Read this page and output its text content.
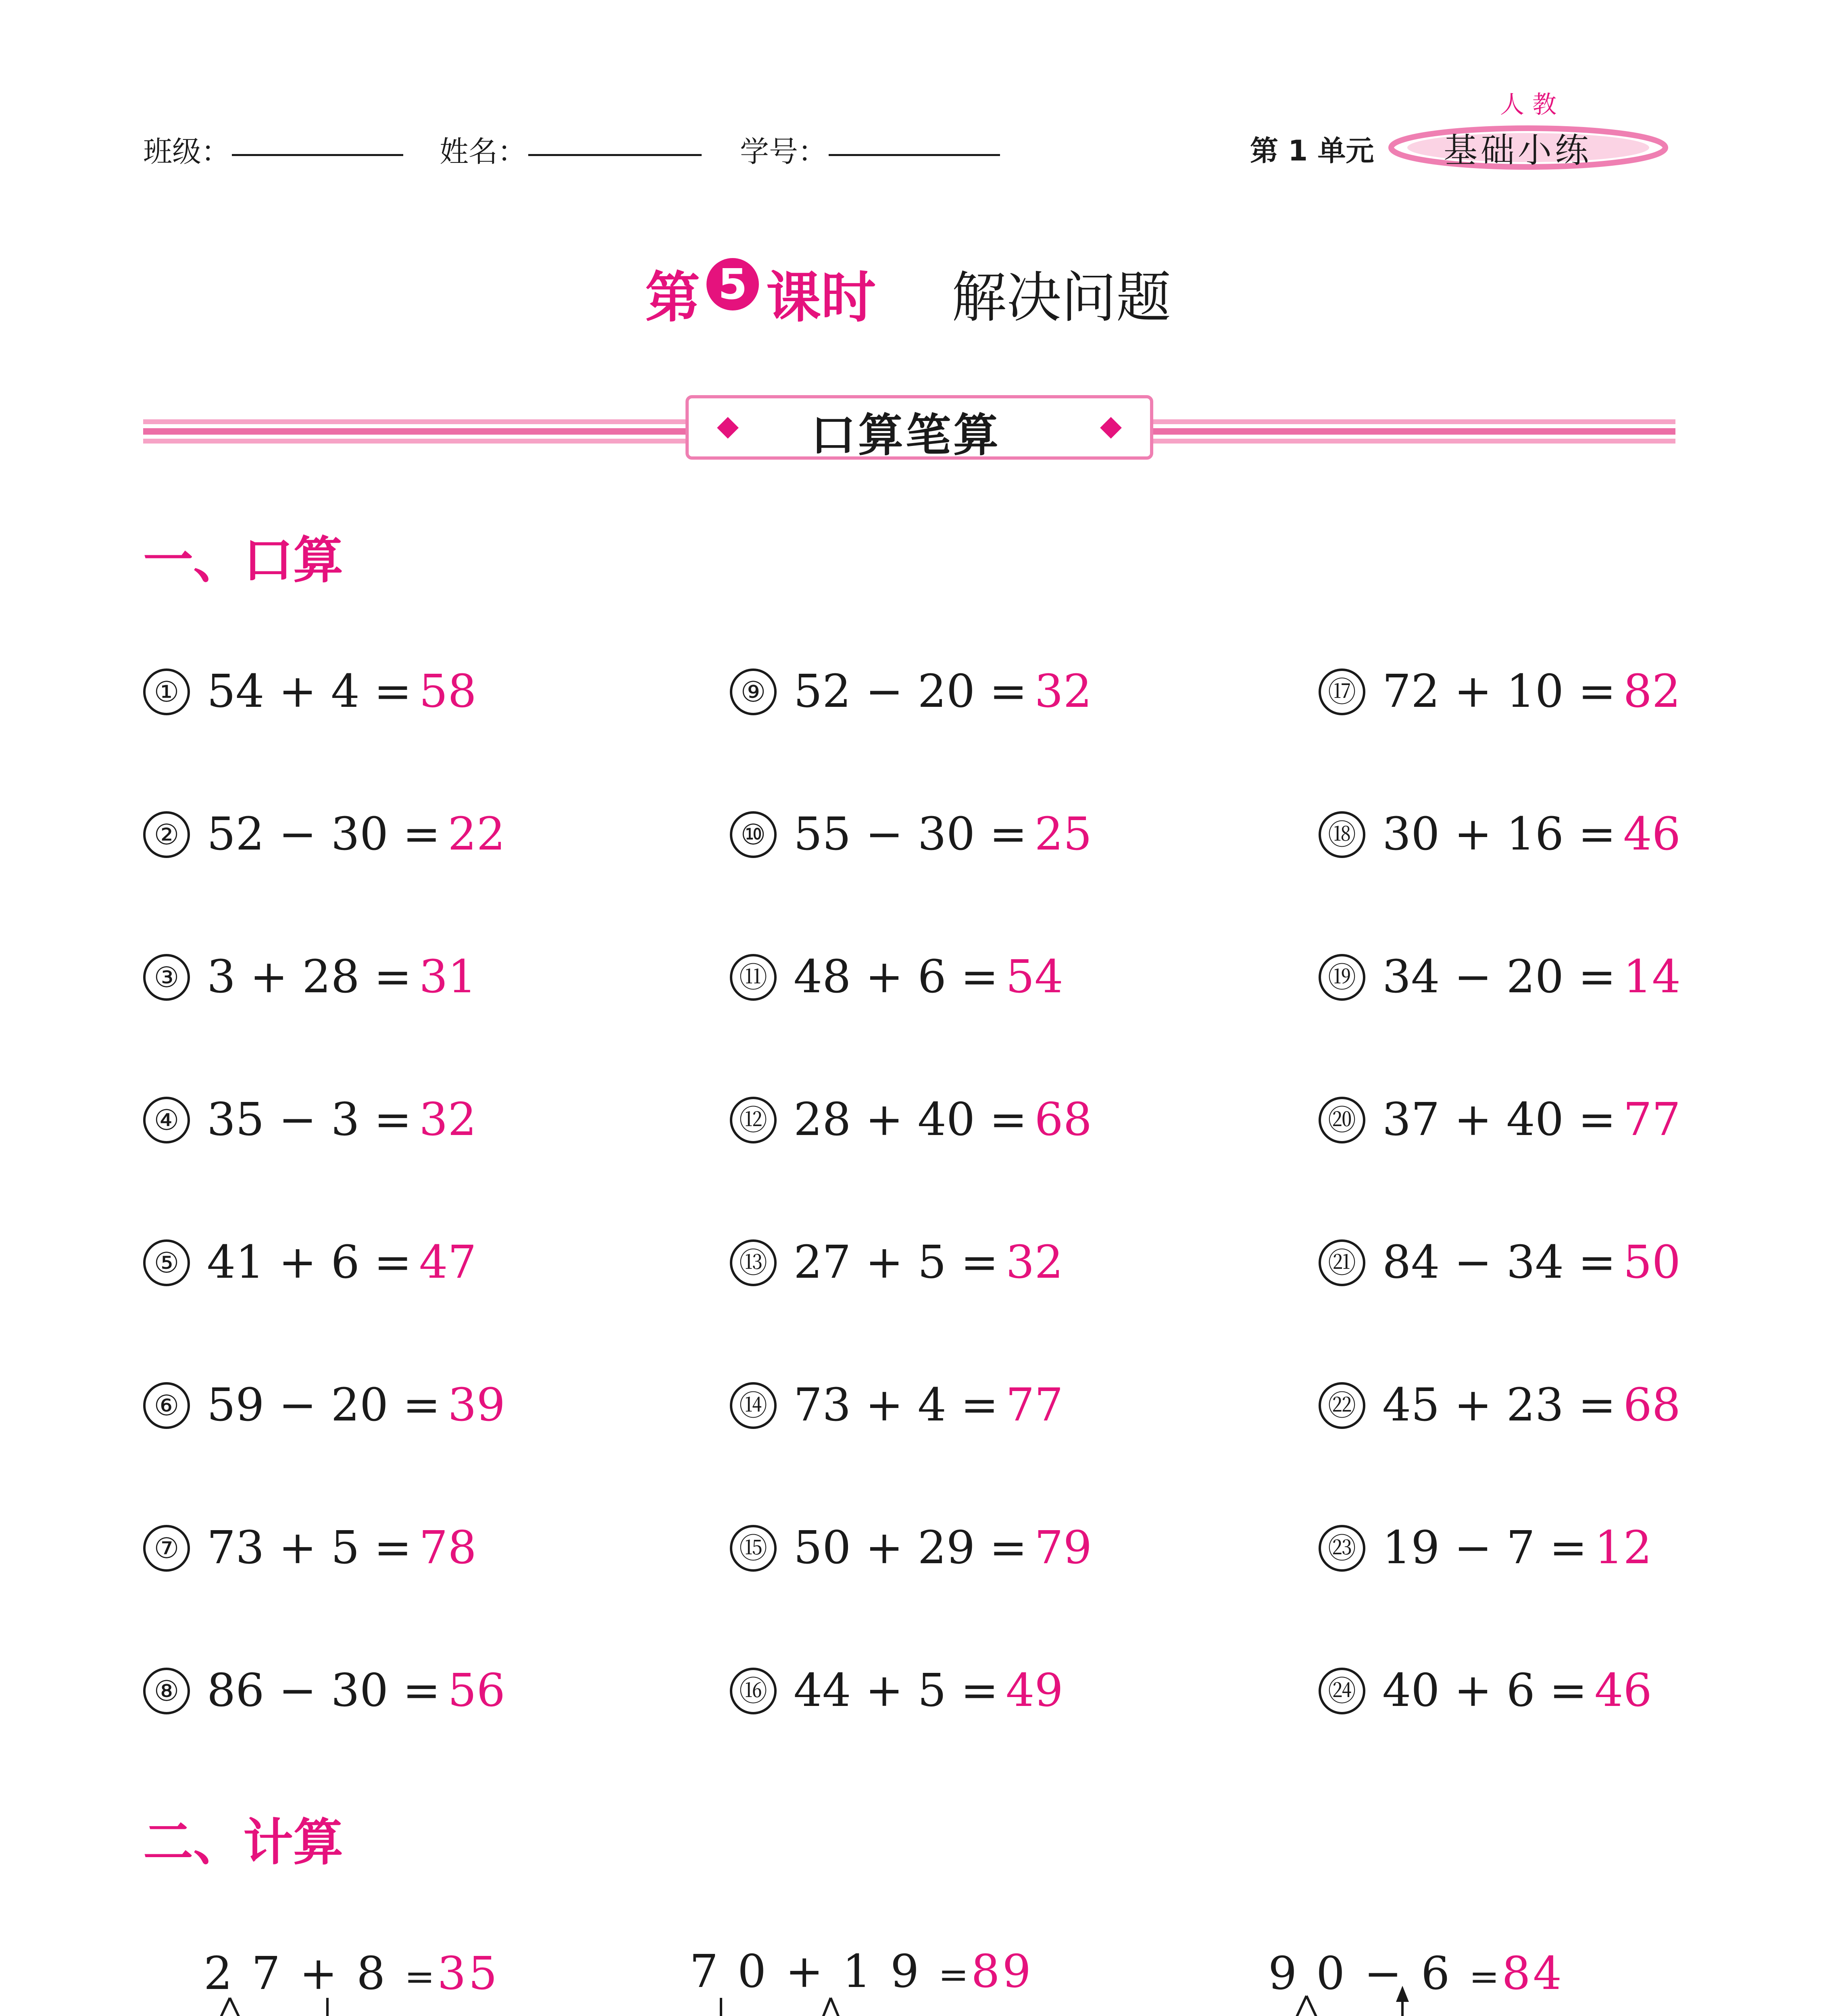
班级：	姓名：	学号：	第 1 单元
人教
基础小练
第 5 课时 解决问题
口算笔算
一、口算
① 54 + 4 = 58
② 52 − 30 = 22
③ 3 + 28 = 31
④ 35 − 3 = 32
⑤ 41 + 6 = 47
⑥ 59 − 20 = 39
⑦ 73 + 5 = 78
⑧ 86 − 30 = 56
⑨ 52 − 20 = 32
⑩ 55 − 30 = 25
⑪ 48 + 6 = 54
⑫ 28 + 40 = 68
⑬ 27 + 5 = 32
⑭ 73 + 4 = 77
⑮ 50 + 29 = 79
⑯ 44 + 5 = 49
⑰ 72 + 10 = 82
⑱ 30 + 16 = 46
⑲ 34 − 20 = 14
⑳ 37 + 40 = 77
㉑ 84 − 34 = 50
㉒ 45 + 23 = 68
㉓ 19 − 7 = 12
㉔ 40 + 6 = 46
二、计算
2 7 + 8 =35	7 0 + 1 9 =89	9 0 − 6 =84
